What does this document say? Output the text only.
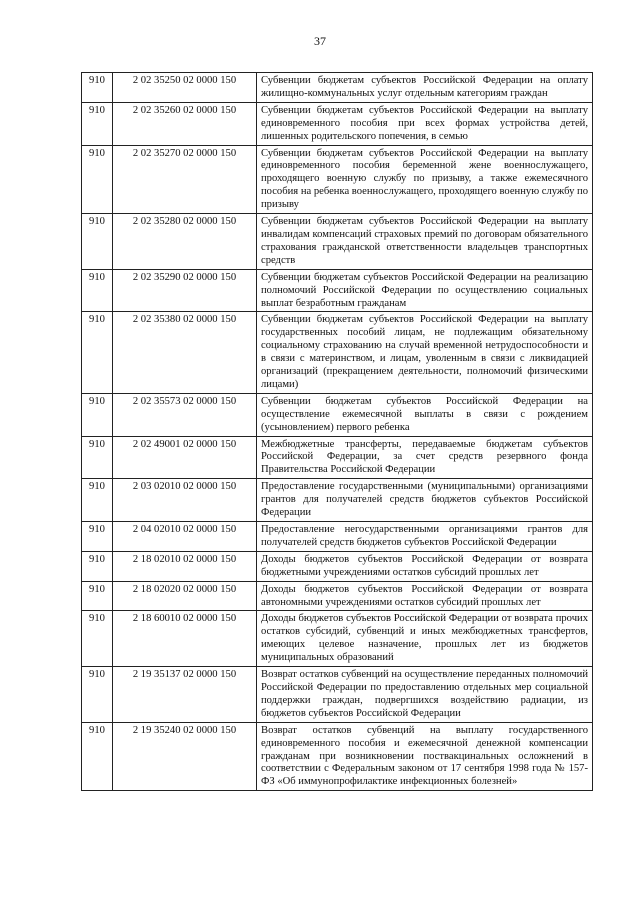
37
910	2 02 35250 02 0000 150	Субвенции бюджетам субъектов Российской Федерации на оплату жилищно-коммунальных услуг отдельным категориям граждан
910	2 02 35260 02 0000 150	Субвенции бюджетам субъектов Российской Федерации на выплату единовременного пособия при всех формах устройства детей, лишенных родительского попечения, в семью
910	2 02 35270 02 0000 150	Субвенции бюджетам субъектов Российской Федерации на выплату единовременного пособия беременной жене военнослужащего, проходящего военную службу по призыву, а также ежемесячного пособия на ребенка военнослужащего, проходящего военную службу по призыву
910	2 02 35280 02 0000 150	Субвенции бюджетам субъектов Российской Федерации на выплату инвалидам компенсаций страховых премий по договорам обязательного страхования гражданской ответственности владельцев транспортных средств
910	2 02 35290 02 0000 150	Субвенции бюджетам субъектов Российской Федерации на реализацию полномочий Российской Федерации по осуществлению социальных выплат безработным гражданам
910	2 02 35380 02 0000 150	Субвенции бюджетам субъектов Российской Федерации на выплату государственных пособий лицам, не подлежащим обязательному социальному страхованию на случай временной нетрудоспособности и в связи с материнством, и лицам, уволенным в связи с ликвидацией организаций (прекращением деятельности, полномочий физическими лицами)
910	2 02 35573 02 0000 150	Субвенции бюджетам субъектов Российской Федерации на осуществление ежемесячной выплаты в связи с рождением (усыновлением) первого ребенка
910	2 02 49001 02 0000 150	Межбюджетные трансферты, передаваемые бюджетам субъектов Российской Федерации, за счет средств резервного фонда Правительства Российской Федерации
910	2 03 02010 02 0000 150	Предоставление государственными (муниципальными) организациями грантов для получателей средств бюджетов субъектов Российской Федерации
910	2 04 02010 02 0000 150	Предоставление негосударственными организациями грантов для получателей средств бюджетов субъектов Российской Федерации
910	2 18 02010 02 0000 150	Доходы бюджетов субъектов Российской Федерации от возврата бюджетными учреждениями остатков субсидий прошлых лет
910	2 18 02020 02 0000 150	Доходы бюджетов субъектов Российской Федерации от возврата автономными учреждениями остатков субсидий прошлых лет
910	2 18 60010 02 0000 150	Доходы бюджетов субъектов Российской Федерации от возврата прочих остатков субсидий, субвенций и иных межбюджетных трансфертов, имеющих целевое назначение, прошлых лет из бюджетов муниципальных образований
910	2 19 35137 02 0000 150	Возврат остатков субвенций на осуществление переданных полномочий Российской Федерации по предоставлению отдельных мер социальной поддержки граждан, подвергшихся воздействию радиации, из бюджетов субъектов Российской Федерации
910	2 19 35240 02 0000 150	Возврат остатков субвенций на выплату государственного единовременного пособия и ежемесячной денежной компенсации гражданам при возникновении поствакцинальных осложнений в соответствии с Федеральным законом от 17 сентября 1998 года № 157-ФЗ «Об иммунопрофилактике инфекционных болезней»
